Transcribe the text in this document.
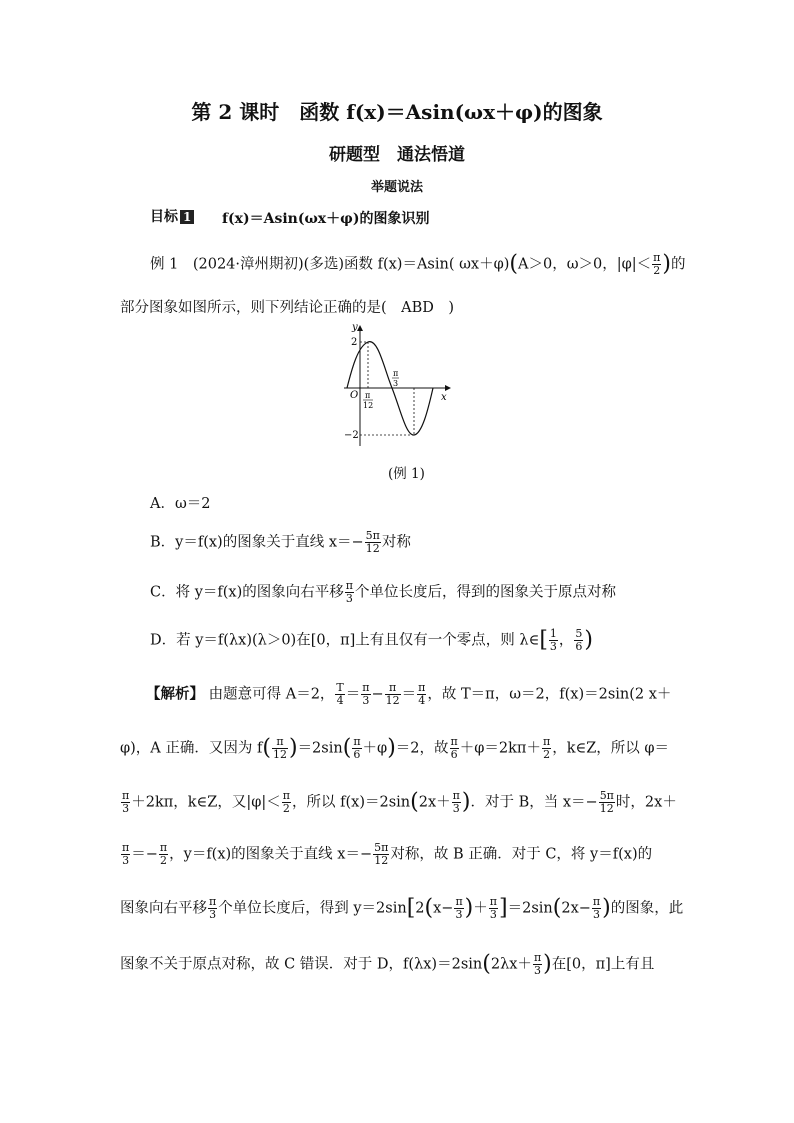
第 2 课时　函数 f(x)＝Asin(ωx＋φ)的图象
研题型　通法悟道
举题说法
目标 1 f(x)＝Asin(ωx＋φ)的图象识别
例 1　(2024·漳州期初)(多选)函数 f(x)＝Asin( ωx＋φ)(A＞0，ω＞0，$|\varphi|< \frac{\pi}{2}$ )的
部分图象如图所示，则下列结论正确的是(　ABD　)
y
x
O
2
−2
π
12
π
3
(例 1)
A．ω＝2
B．y＝f(x)的图象关于直线 $x=- \frac{5\pi}{12}$ 对称
C．将 y＝f(x)的图象向右平移 $\frac{\pi}{3}$ 个单位长度后，得到的图象关于原点对称
D．若 y＝f(λx)(λ＞0)在[0，π]上有且仅有一个零点，则 λ∈[ $\frac{1}{3}$ ， $\frac{5}{6}$ )
【解析】 由题意可得 A＝2， $\frac{T}{4} = \frac{\pi}{3} - \frac{\pi}{12} = \frac{\pi}{4}$ ，故 T＝π，ω＝2，f(x)＝2sin(2 x＋
φ)，A 正确．又因为 $f( \frac{\pi}{12} )=2\sin( \frac{\pi}{6} +\varphi)=2$，故 $\frac{\pi}{6} +\varphi=2k\pi+ \frac{\pi}{2}$ ，k∈Z，所以 φ＝
$\frac{\pi}{3} +2k\pi$，k∈Z，又$|\varphi|< \frac{\pi}{2}$ ，所以 $f(x)=2\sin(2x+ \frac{\pi}{3}$ )．对于 B，当 $x=- \frac{5\pi}{12}$ 时，2x＋
$\frac{\pi}{3} =- \frac{\pi}{2}$ ，y＝f(x)的图象关于直线 $x=- \frac{5\pi}{12}$ 对称，故 B 正确．对于 C，将 y＝f(x)的
图象向右平移 $\frac{\pi}{3}$ 个单位长度后，得到 $y=2\sin[2(x- \frac{\pi}{3}$ )＋ $\frac{\pi}{3} ]=2\sin(2x- \frac{\pi}{3}$ )的图象，此
图象不关于原点对称，故 C 错误．对于 D，$f(\lambda x)=2\sin(2\lambda x+ \frac{\pi}{3}$ )在[0，π]上有且
